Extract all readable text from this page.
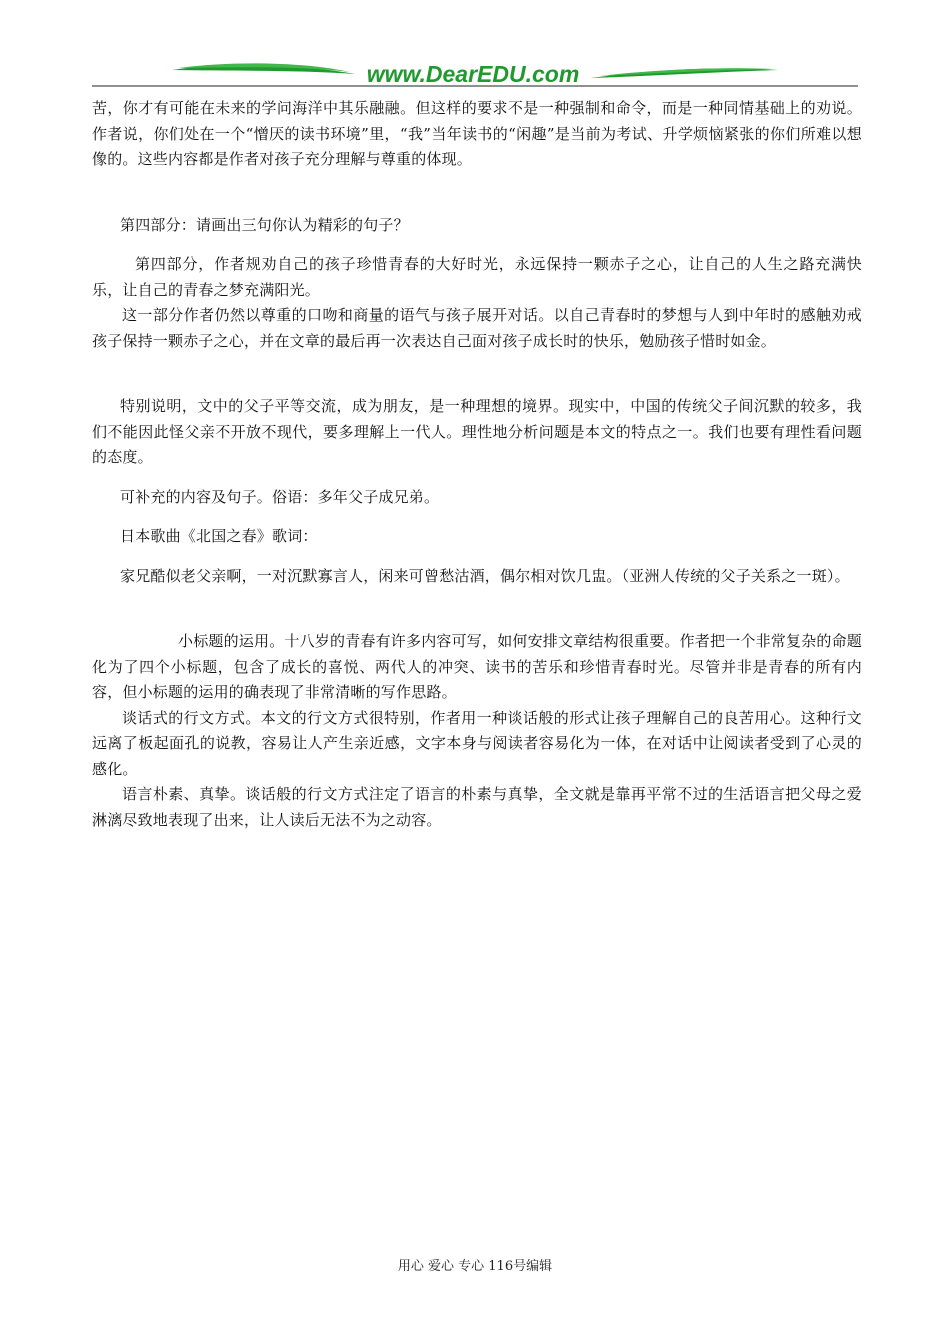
www.DearEDU.com

苦，你才有可能在未来的学问海洋中其乐融融。但这样的要求不是一种强制和命令，而是一种同情基础上的劝说。作者说，你们处在一个“憎厌的读书环境”里，“我”当年读书的“闲趣”是当前为考试、升学烦恼紧张的你们所难以想像的。这些内容都是作者对孩子充分理解与尊重的体现。

第四部分：请画出三句你认为精彩的句子？

第四部分，作者规劝自己的孩子珍惜青春的大好时光，永远保持一颗赤子之心，让自己的人生之路充满快乐，让自己的青春之梦充满阳光。

这一部分作者仍然以尊重的口吻和商量的语气与孩子展开对话。以自己青春时的梦想与人到中年时的感触劝戒孩子保持一颗赤子之心，并在文章的最后再一次表达自己面对孩子成长时的快乐，勉励孩子惜时如金。

特别说明，文中的父子平等交流，成为朋友，是一种理想的境界。现实中，中国的传统父子间沉默的较多，我们不能因此怪父亲不开放不现代，要多理解上一代人。理性地分析问题是本文的特点之一。我们也要有理性看问题的态度。

可补充的内容及句子。俗语：多年父子成兄弟。

日本歌曲《北国之春》歌词：

家兄酷似老父亲啊，一对沉默寡言人，闲来可曾愁沽酒，偶尔相对饮几盅。（亚洲人传统的父子关系之一斑）。

小标题的运用。十八岁的青春有许多内容可写，如何安排文章结构很重要。作者把一个非常复杂的命题化为了四个小标题，包含了成长的喜悦、两代人的冲突、读书的苦乐和珍惜青春时光。尽管并非是青春的所有内容，但小标题的运用的确表现了非常清晰的写作思路。

谈话式的行文方式。本文的行文方式很特别，作者用一种谈话般的形式让孩子理解自己的良苦用心。这种行文远离了板起面孔的说教，容易让人产生亲近感，文字本身与阅读者容易化为一体，在对话中让阅读者受到了心灵的感化。

语言朴素、真挚。谈话般的行文方式注定了语言的朴素与真挚，全文就是靠再平常不过的生活语言把父母之爱淋漓尽致地表现了出来，让人读后无法不为之动容。

用心 爱心 专心 116号编辑
